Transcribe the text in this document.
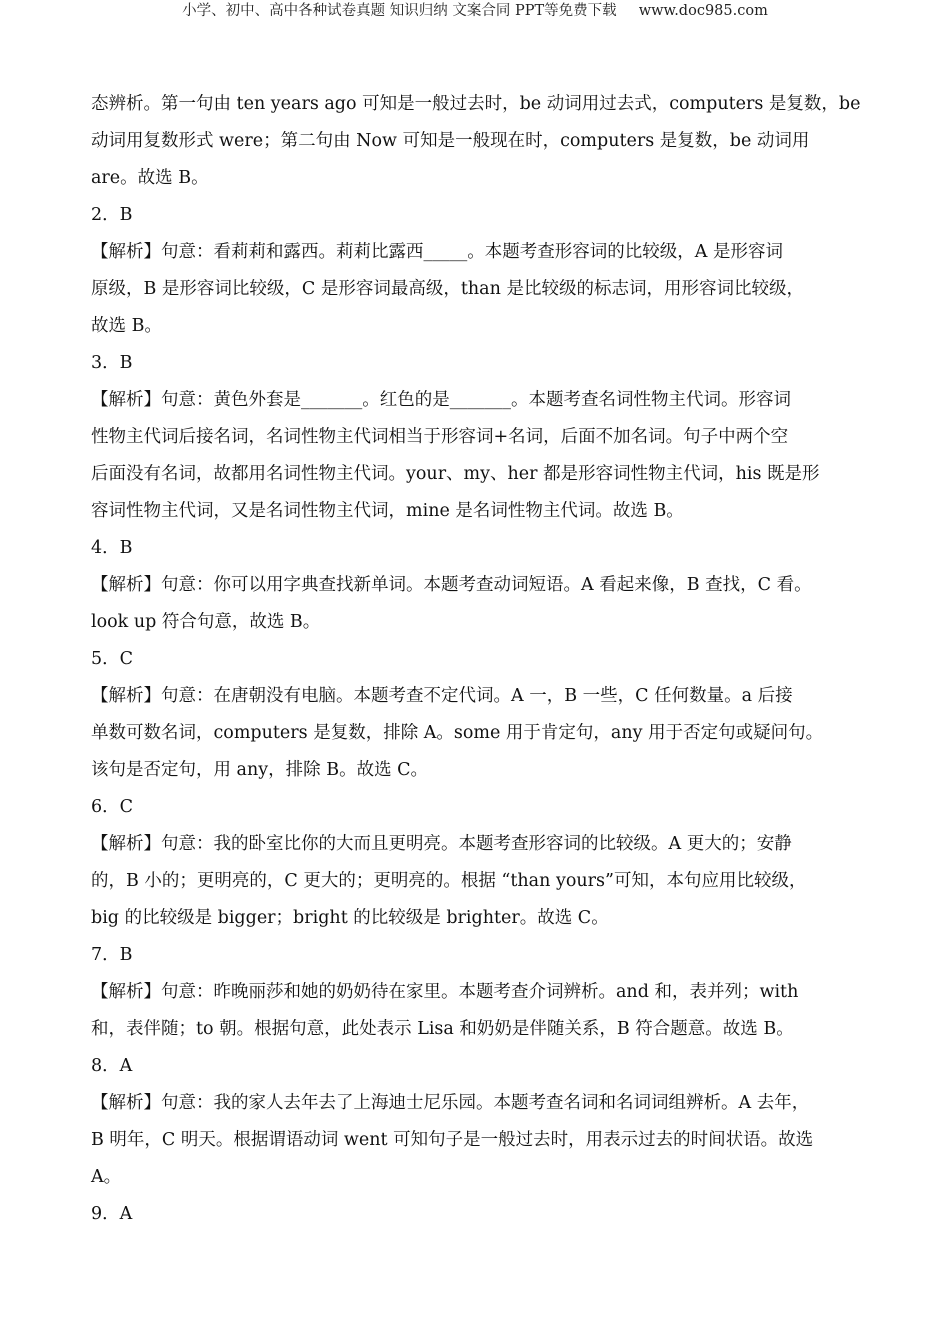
小学、初中、高中各种试卷真题 知识归纳 文案合同 PPT等免费下载 www.doc985.com
态辨析。第一句由 ten years ago 可知是一般过去时，be 动词用过去式，computers 是复数，be
动词用复数形式 were；第二句由 Now 可知是一般现在时，computers 是复数，be 动词用
are。故选 B。
2．B
【解析】句意：看莉莉和露西。莉莉比露西_____。本题考查形容词的比较级，A 是形容词
原级，B 是形容词比较级，C 是形容词最高级，than 是比较级的标志词，用形容词比较级，
故选 B。
3．B
【解析】句意：黄色外套是_______。红色的是_______。本题考查名词性物主代词。形容词
性物主代词后接名词，名词性物主代词相当于形容词+名词，后面不加名词。句子中两个空
后面没有名词，故都用名词性物主代词。your、my、her 都是形容词性物主代词，his 既是形
容词性物主代词，又是名词性物主代词，mine 是名词性物主代词。故选 B。
4．B
【解析】句意：你可以用字典查找新单词。本题考查动词短语。A 看起来像，B 查找，C 看。
look up 符合句意，故选 B。
5．C
【解析】句意：在唐朝没有电脑。本题考查不定代词。A 一，B 一些，C 任何数量。a 后接
单数可数名词，computers 是复数，排除 A。some 用于肯定句，any 用于否定句或疑问句。
该句是否定句，用 any，排除 B。故选 C。
6．C
【解析】句意：我的卧室比你的大而且更明亮。本题考查形容词的比较级。A 更大的；安静
的，B 小的；更明亮的，C 更大的；更明亮的。根据 “than yours”可知，本句应用比较级，
big 的比较级是 bigger；bright 的比较级是 brighter。故选 C。
7．B
【解析】句意：昨晚丽莎和她的奶奶待在家里。本题考查介词辨析。and 和，表并列；with
和，表伴随；to 朝。根据句意，此处表示 Lisa 和奶奶是伴随关系，B 符合题意。故选 B。
8．A
【解析】句意：我的家人去年去了上海迪士尼乐园。本题考查名词和名词词组辨析。A 去年，
B 明年，C 明天。根据谓语动词 went 可知句子是一般过去时，用表示过去的时间状语。故选
A。
9．A
